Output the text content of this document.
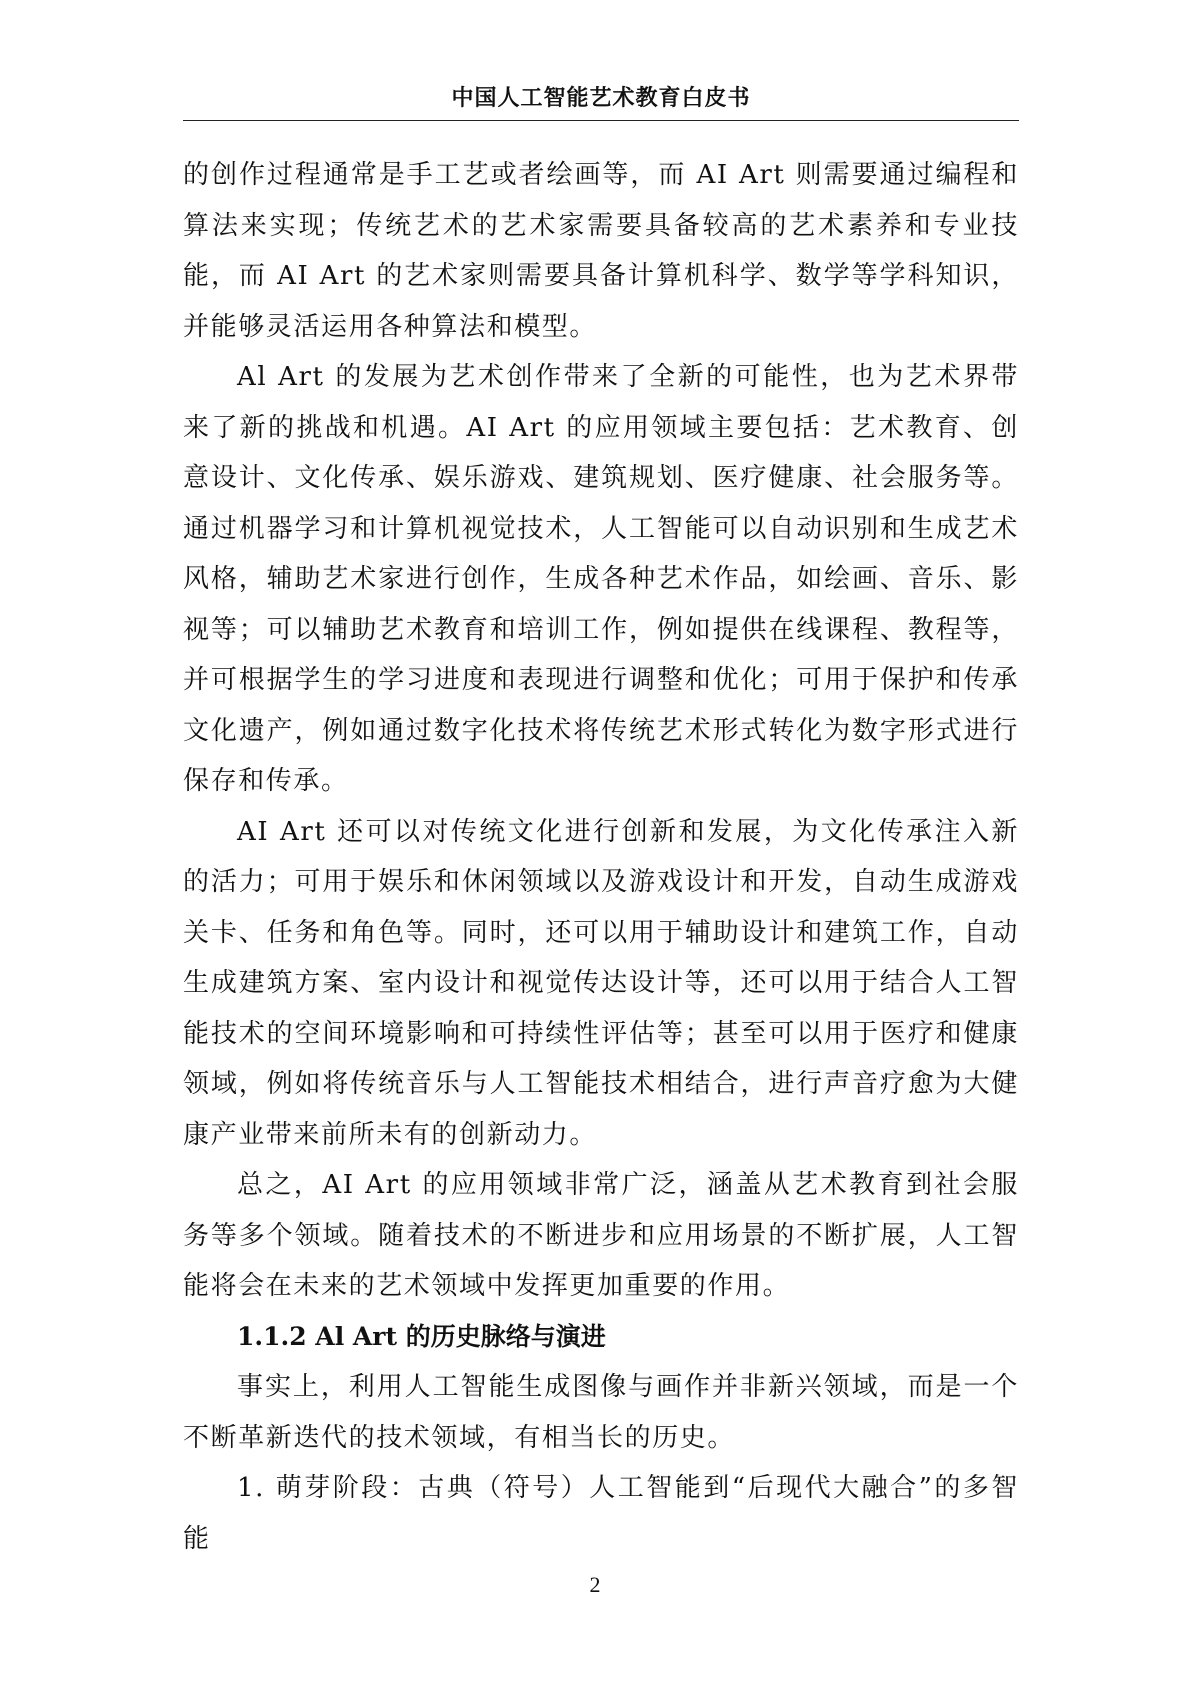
中国人工智能艺术教育白皮书

的创作过程通常是手工艺或者绘画等，而 AI Art 则需要通过编程和算法来实现；传统艺术的艺术家需要具备较高的艺术素养和专业技能，而 AI Art 的艺术家则需要具备计算机科学、数学等学科知识，并能够灵活运用各种算法和模型。

Al Art 的发展为艺术创作带来了全新的可能性，也为艺术界带来了新的挑战和机遇。AI Art 的应用领域主要包括：艺术教育、创意设计、文化传承、娱乐游戏、建筑规划、医疗健康、社会服务等。通过机器学习和计算机视觉技术，人工智能可以自动识别和生成艺术风格，辅助艺术家进行创作，生成各种艺术作品，如绘画、音乐、影视等；可以辅助艺术教育和培训工作，例如提供在线课程、教程等，并可根据学生的学习进度和表现进行调整和优化；可用于保护和传承文化遗产，例如通过数字化技术将传统艺术形式转化为数字形式进行保存和传承。

AI Art 还可以对传统文化进行创新和发展，为文化传承注入新的活力；可用于娱乐和休闲领域以及游戏设计和开发，自动生成游戏关卡、任务和角色等。同时，还可以用于辅助设计和建筑工作，自动生成建筑方案、室内设计和视觉传达设计等，还可以用于结合人工智能技术的空间环境影响和可持续性评估等；甚至可以用于医疗和健康领域，例如将传统音乐与人工智能技术相结合，进行声音疗愈为大健康产业带来前所未有的创新动力。

总之，AI Art 的应用领域非常广泛，涵盖从艺术教育到社会服务等多个领域。随着技术的不断进步和应用场景的不断扩展，人工智能将会在未来的艺术领域中发挥更加重要的作用。

1.1.2 Al Art 的历史脉络与演进

事实上，利用人工智能生成图像与画作并非新兴领域，而是一个不断革新迭代的技术领域，有相当长的历史。

1. 萌芽阶段：古典（符号）人工智能到“后现代大融合”的多智能

2
